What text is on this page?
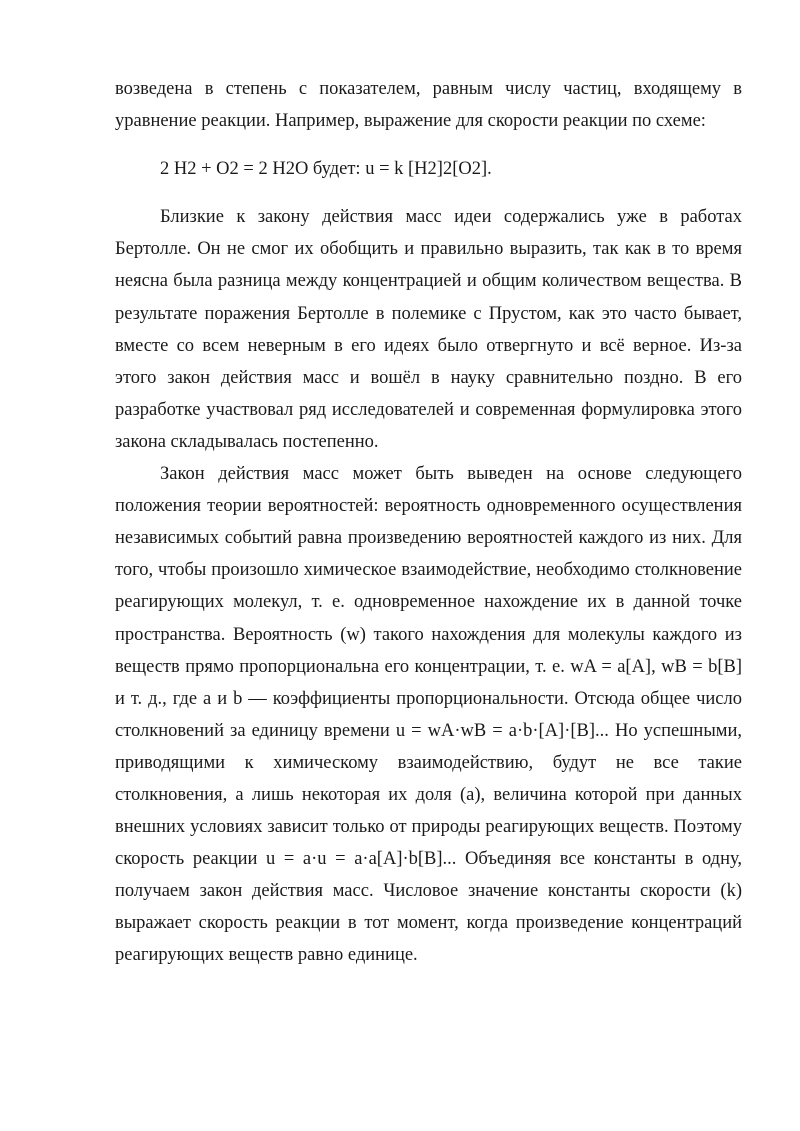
возведена в степень с показателем, равным числу частиц, входящему в уравнение реакции. Например, выражение для скорости реакции по схеме:

2 H2 + O2 = 2 H2O будет: u = k [H2]2[O2].

Близкие к закону действия масс идеи содержались уже в работах Бертолле. Он не смог их обобщить и правильно выразить, так как в то время неясна была разница между концентрацией и общим количеством вещества. В результате поражения Бертолле в полемике с Прустом, как это часто бывает, вместе со всем неверным в его идеях было отвергнуто и всё верное. Из-за этого закон действия масс и вошёл в науку сравнительно поздно. В его разработке участвовал ряд исследователей и современная формулировка этого закона складывалась постепенно.

Закон действия масс может быть выведен на основе следующего положения теории вероятностей: вероятность одновременного осуществления независимых событий равна произведению вероятностей каждого из них. Для того, чтобы произошло химическое взаимодействие, необходимо столкновение реагирующих молекул, т. е. одновременное нахождение их в данной точке пространства. Вероятность (w) такого нахождения для молекулы каждого из веществ прямо пропорциональна его концентрации, т. е. wA = a[A], wB = b[B] и т. д., где a и b — коэффициенты пропорциональности. Отсюда общее число столкновений за единицу времени u = wA·wB = a·b·[A]·[B]... Но успешными, приводящими к химическому взаимодействию, будут не все такие столкновения, а лишь некоторая их доля (a), величина которой при данных внешних условиях зависит только от природы реагирующих веществ. Поэтому скорость реакции u = a·u = a·a[A]·b[B]... Объединяя все константы в одну, получаем закон действия масс. Числовое значение константы скорости (k) выражает скорость реакции в тот момент, когда произведение концентраций реагирующих веществ равно единице.
